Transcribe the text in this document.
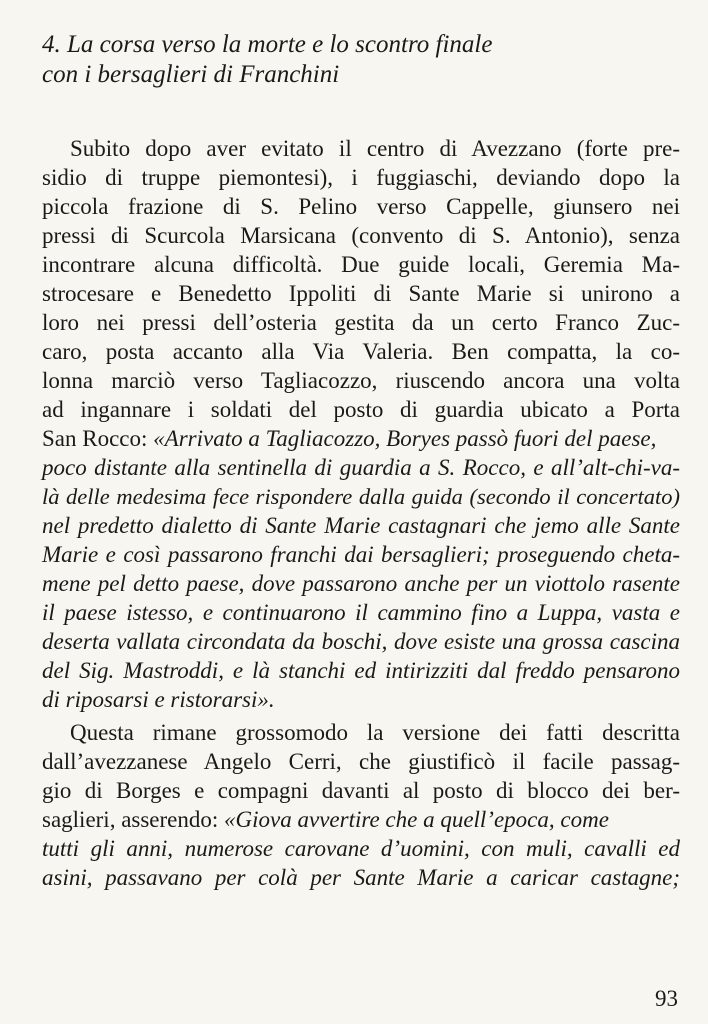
4. La corsa verso la morte e lo scontro finale
con i bersaglieri di Franchini
Subito dopo aver evitato il centro di Avezzano (forte pre-
sidio di truppe piemontesi), i fuggiaschi, deviando dopo la
piccola frazione di S. Pelino verso Cappelle, giunsero nei
pressi di Scurcola Marsicana (convento di S. Antonio), senza
incontrare alcuna difficoltà. Due guide locali, Geremia Ma-
strocesare e Benedetto Ippoliti di Sante Marie si unirono a
loro nei pressi dell’osteria gestita da un certo Franco Zuc-
caro, posta accanto alla Via Valeria. Ben compatta, la co-
lonna marciò verso Tagliacozzo, riuscendo ancora una volta
ad ingannare i soldati del posto di guardia ubicato a Porta
San Rocco: «Arrivato a Tagliacozzo, Boryes passò fuori del paese,
poco distante alla sentinella di guardia a S. Rocco, e all’alt-chi-va-
là delle medesima fece rispondere dalla guida (secondo il concertato)
nel predetto dialetto di Sante Marie castagnari che jemo alle Sante
Marie e così passarono franchi dai bersaglieri; proseguendo cheta-
mene pel detto paese, dove passarono anche per un viottolo rasente
il paese istesso, e continuarono il cammino fino a Luppa, vasta e
deserta vallata circondata da boschi, dove esiste una grossa cascina
del Sig. Mastroddi, e là stanchi ed intirizziti dal freddo pensarono
di riposarsi e ristorarsi».
Questa rimane grossomodo la versione dei fatti descritta
dall’avezzanese Angelo Cerri, che giustificò il facile passag-
gio di Borges e compagni davanti al posto di blocco dei ber-
saglieri, asserendo: «Giova avvertire che a quell’epoca, come
tutti gli anni, numerose carovane d’uomini, con muli, cavalli ed
asini, passavano per colà per Sante Marie a caricar castagne;
93
